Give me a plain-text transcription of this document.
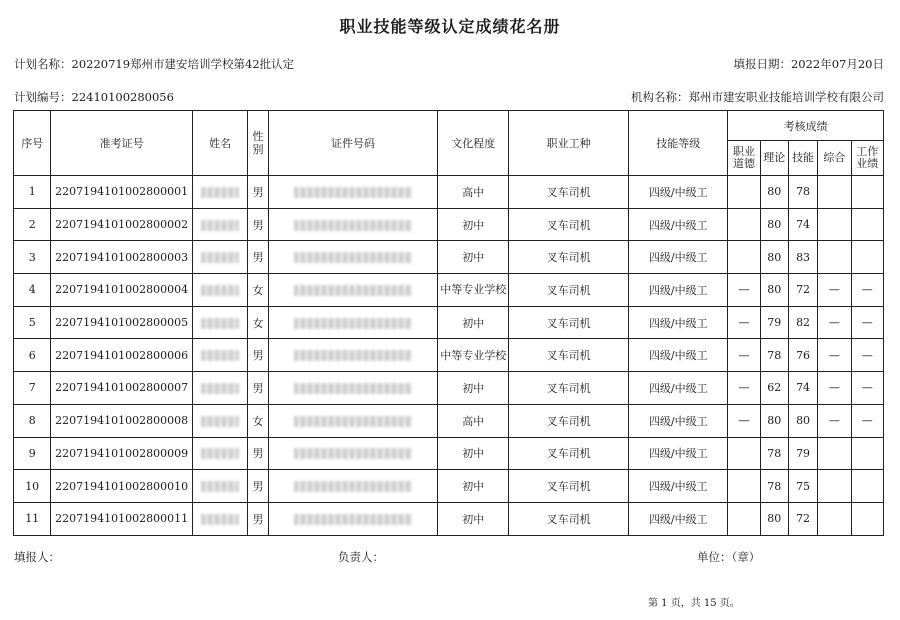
职业技能等级认定成绩花名册
计划名称：20220719郑州市建安培训学校第42批认定	填报日期：2022年07月20日
计划编号：22410100280056	机构名称：郑州市建安职业技能培训学校有限公司
序号	准考证号	姓名	性别	证件号码	文化程度	职业工种	技能等级	考核成绩				
								职业道德	理论	技能	综合	工作业绩
1	2207194101002800001		男		高中	叉车司机	四级/中级工		80	78		
2	2207194101002800002		男		初中	叉车司机	四级/中级工		80	74		
3	2207194101002800003		男		初中	叉车司机	四级/中级工		80	83		
4	2207194101002800004		女		中等专业学校	叉车司机	四级/中级工	—	80	72	—	—
5	2207194101002800005		女		初中	叉车司机	四级/中级工	—	79	82	—	—
6	2207194101002800006		男		中等专业学校	叉车司机	四级/中级工	—	78	76	—	—
7	2207194101002800007		男		初中	叉车司机	四级/中级工	—	62	74	—	—
8	2207194101002800008		女		高中	叉车司机	四级/中级工	—	80	80	—	—
9	2207194101002800009		男		初中	叉车司机	四级/中级工		78	79		
10	2207194101002800010		男		初中	叉车司机	四级/中级工		78	75		
11	2207194101002800011		男		初中	叉车司机	四级/中级工		80	72		
填报人：	负责人：	单位：（章）
第 1 页，共 15 页。
